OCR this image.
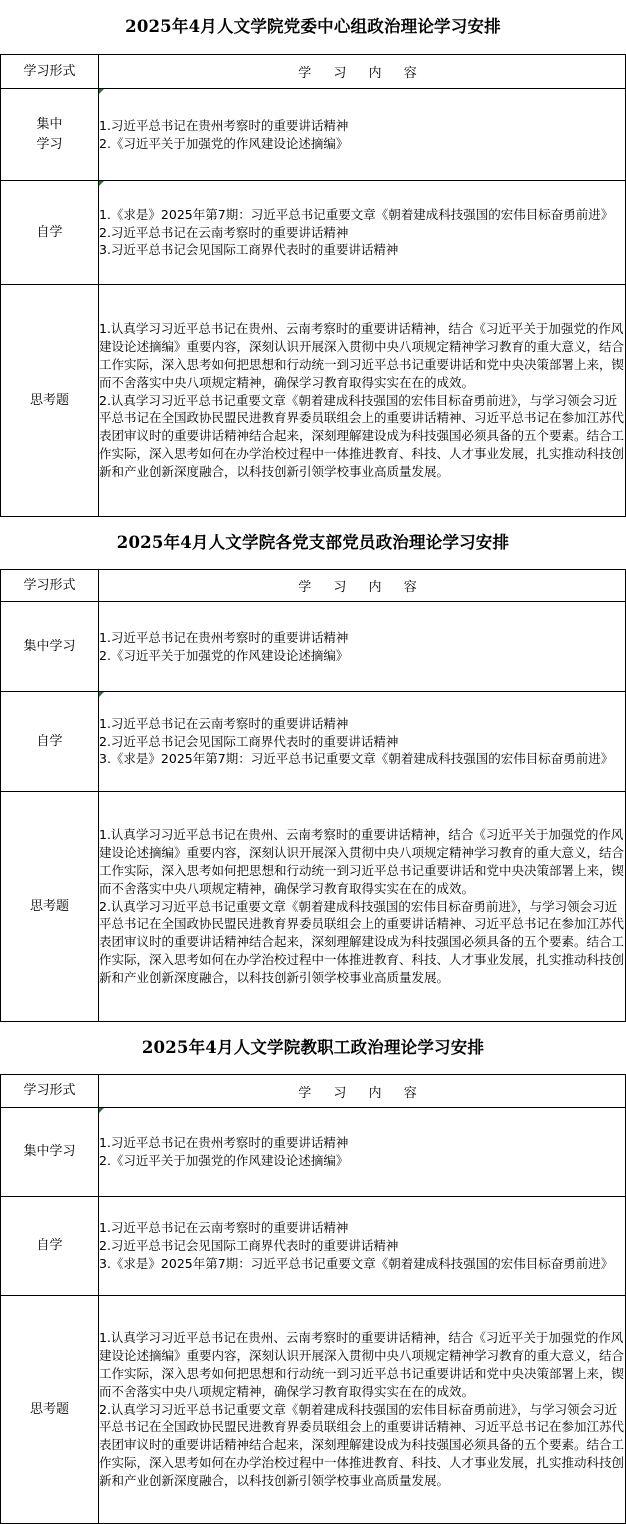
2025年4月人文学院党委中心组政治理论学习安排
学习形式	学 习 内 容

集中
学习	1.习近平总书记在贵州考察时的重要讲话精神
2.《习近平关于加强党的作风建设论述摘编》

自学	1.《求是》2025年第7期：习近平总书记重要文章《朝着建成科技强国的宏伟目标奋勇前进》
2.习近平总书记在云南考察时的重要讲话精神
3.习近平总书记会见国际工商界代表时的重要讲话精神

思考题	1.认真学习习近平总书记在贵州、云南考察时的重要讲话精神，结合《习近平关于加强党的作风建设论述摘编》重要内容，深刻认识开展深入贯彻中央八项规定精神学习教育的重大意义，结合工作实际，深入思考如何把思想和行动统一到习近平总书记重要讲话和党中央决策部署上来，锲而不舍落实中央八项规定精神，确保学习教育取得实实在在的成效。
2.认真学习习近平总书记重要文章《朝着建成科技强国的宏伟目标奋勇前进》，与学习领会习近平总书记在全国政协民盟民进教育界委员联组会上的重要讲话精神、习近平总书记在参加江苏代表团审议时的重要讲话精神结合起来，深刻理解建设成为科技强国必须具备的五个要素。结合工作实际，深入思考如何在办学治校过程中一体推进教育、科技、人才事业发展，扎实推动科技创新和产业创新深度融合，以科技创新引领学校事业高质量发展。
2025年4月人文学院各党支部党员政治理论学习安排
学习形式	学 习 内 容
集中学习	1.习近平总书记在贵州考察时的重要讲话精神
2.《习近平关于加强党的作风建设论述摘编》

自学	1.习近平总书记在云南考察时的重要讲话精神
2.习近平总书记会见国际工商界代表时的重要讲话精神
3.《求是》2025年第7期：习近平总书记重要文章《朝着建成科技强国的宏伟目标奋勇前进》

思考题	1.认真学习习近平总书记在贵州、云南考察时的重要讲话精神，结合《习近平关于加强党的作风建设论述摘编》重要内容，深刻认识开展深入贯彻中央八项规定精神学习教育的重大意义，结合工作实际，深入思考如何把思想和行动统一到习近平总书记重要讲话和党中央决策部署上来，锲而不舍落实中央八项规定精神，确保学习教育取得实实在在的成效。
2.认真学习习近平总书记重要文章《朝着建成科技强国的宏伟目标奋勇前进》，与学习领会习近平总书记在全国政协民盟民进教育界委员联组会上的重要讲话精神、习近平总书记在参加江苏代表团审议时的重要讲话精神结合起来，深刻理解建设成为科技强国必须具备的五个要素。结合工作实际，深入思考如何在办学治校过程中一体推进教育、科技、人才事业发展，扎实推动科技创新和产业创新深度融合，以科技创新引领学校事业高质量发展。
2025年4月人文学院教职工政治理论学习安排
学习形式	学 习 内 容
集中学习	1.习近平总书记在贵州考察时的重要讲话精神
2.《习近平关于加强党的作风建设论述摘编》

自学	1.习近平总书记在云南考察时的重要讲话精神
2.习近平总书记会见国际工商界代表时的重要讲话精神
3.《求是》2025年第7期：习近平总书记重要文章《朝着建成科技强国的宏伟目标奋勇前进》

思考题	1.认真学习习近平总书记在贵州、云南考察时的重要讲话精神，结合《习近平关于加强党的作风建设论述摘编》重要内容，深刻认识开展深入贯彻中央八项规定精神学习教育的重大意义，结合工作实际，深入思考如何把思想和行动统一到习近平总书记重要讲话和党中央决策部署上来，锲而不舍落实中央八项规定精神，确保学习教育取得实实在在的成效。
2.认真学习习近平总书记重要文章《朝着建成科技强国的宏伟目标奋勇前进》，与学习领会习近平总书记在全国政协民盟民进教育界委员联组会上的重要讲话精神、习近平总书记在参加江苏代表团审议时的重要讲话精神结合起来，深刻理解建设成为科技强国必须具备的五个要素。结合工作实际，深入思考如何在办学治校过程中一体推进教育、科技、人才事业发展，扎实推动科技创新和产业创新深度融合，以科技创新引领学校事业高质量发展。
